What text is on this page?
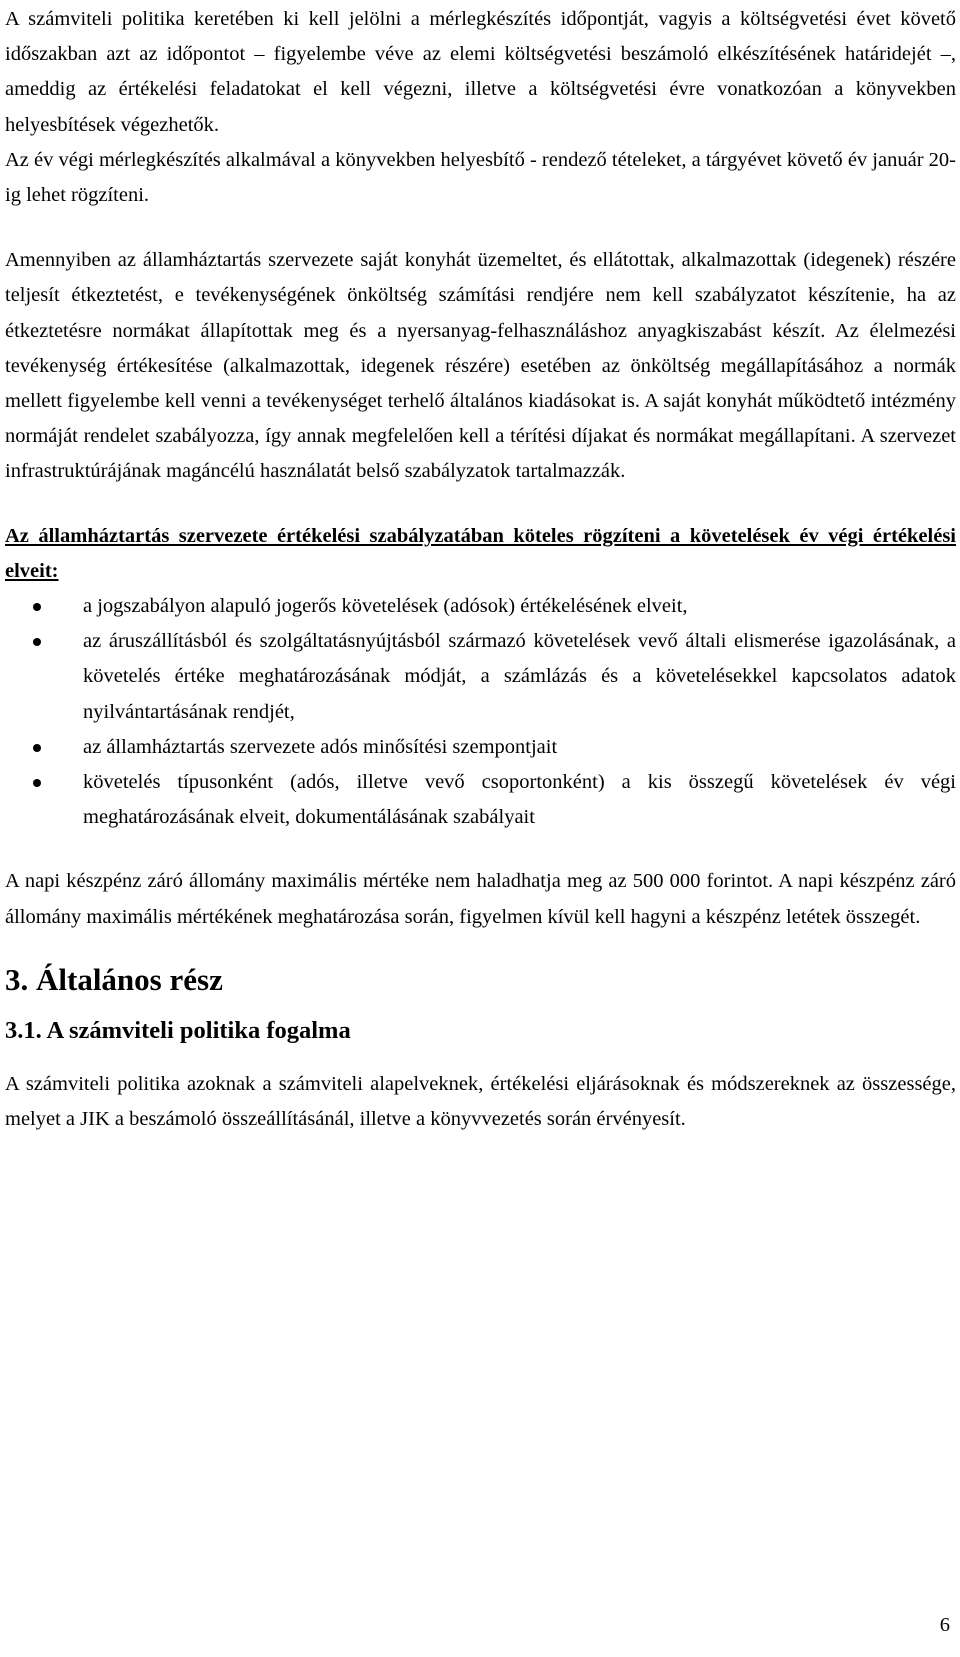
A számviteli politika keretében ki kell jelölni a mérlegkészítés időpontját, vagyis a költségvetési évet követő időszakban azt az időpontot – figyelembe véve az elemi költségvetési beszámoló elkészítésének határidejét –, ameddig az értékelési feladatokat el kell végezni, illetve a költségvetési évre vonatkozóan a könyvekben helyesbítések végezhetők.

Az év végi mérlegkészítés alkalmával a könyvekben helyesbítő - rendező tételeket, a tárgyévet követő év január 20-ig lehet rögzíteni.

Amennyiben az államháztartás szervezete saját konyhát üzemeltet, és ellátottak, alkalmazottak (idegenek) részére teljesít étkeztetést, e tevékenységének önköltség számítási rendjére nem kell szabályzatot készítenie, ha az étkeztetésre normákat állapítottak meg és a nyersanyag-felhasználáshoz anyagkiszabást készít. Az élelmezési tevékenység értékesítése (alkalmazottak, idegenek részére) esetében az önköltség megállapításához a normák mellett figyelembe kell venni a tevékenységet terhelő általános kiadásokat is. A saját konyhát működtető intézmény normáját rendelet szabályozza, így annak megfelelően kell a térítési díjakat és normákat megállapítani. A szervezet infrastruktúrájának magáncélú használatát belső szabályzatok tartalmazzák.

Az államháztartás szervezete értékelési szabályzatában köteles rögzíteni a követelések év végi értékelési elveit:

a jogszabályon alapuló jogerős követelések (adósok) értékelésének elveit,
az áruszállításból és szolgáltatásnyújtásból származó követelések vevő általi elismerése igazolásának, a követelés értéke meghatározásának módját, a számlázás és a követelésekkel kapcsolatos adatok nyilvántartásának rendjét,
az államháztartás szervezete adós minősítési szempontjait
követelés típusonként (adós, illetve vevő csoportonként) a kis összegű követelések év végi meghatározásának elveit, dokumentálásának szabályait

A napi készpénz záró állomány maximális mértéke nem haladhatja meg az 500 000 forintot. A napi készpénz záró állomány maximális mértékének meghatározása során, figyelmen kívül kell hagyni a készpénz letétek összegét.

3. Általános rész
3.1. A számviteli politika fogalma

A számviteli politika azoknak a számviteli alapelveknek, értékelési eljárásoknak és módszereknek az összessége, melyet a JIK a beszámoló összeállításánál, illetve a könyvvezetés során érvényesít.

6
